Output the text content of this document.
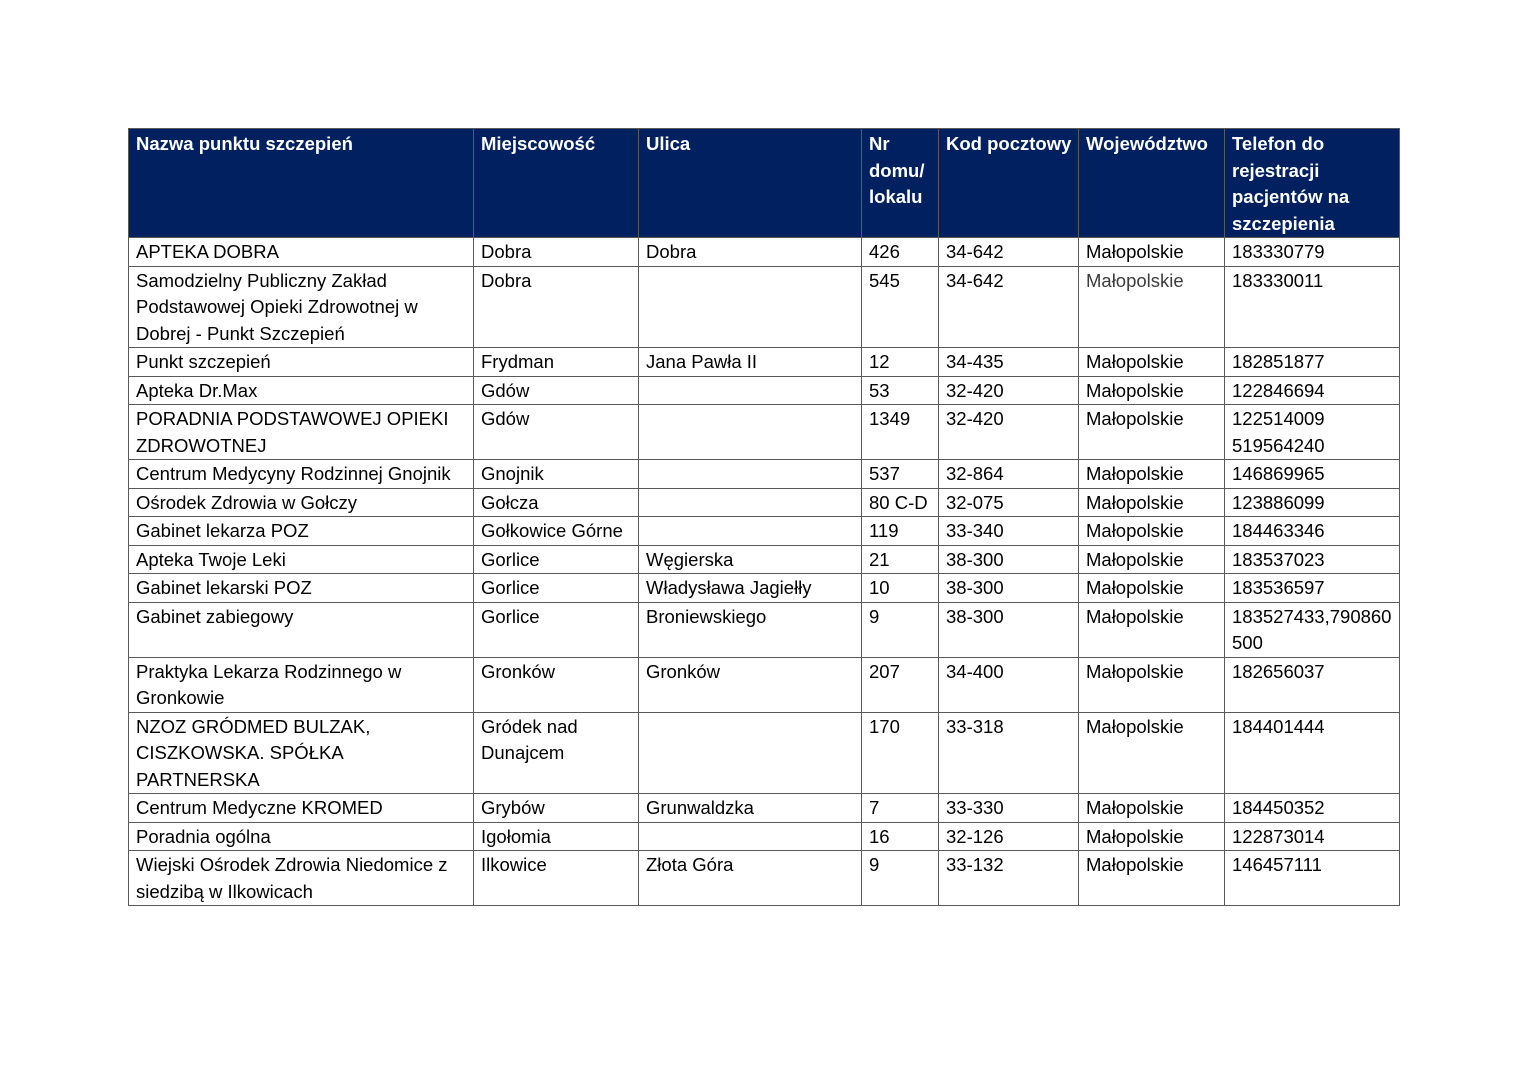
Nazwa punktu szczepień	Miejscowość	Ulica	Nr domu/ lokalu	Kod pocztowy	Województwo	Telefon do rejestracji pacjentów na szczepienia

APTEKA DOBRA	Dobra	Dobra	426	34-642	Małopolskie	183330779

Samodzielny Publiczny Zakład Podstawowej Opieki Zdrowotnej w Dobrej - Punkt Szczepień	Dobra		545	34-642	Małopolskie	183330011

Punkt szczepień	Frydman	Jana Pawła II	12	34-435	Małopolskie	182851877

Apteka Dr.Max	Gdów		53	32-420	Małopolskie	122846694

PORADNIA PODSTAWOWEJ OPIEKI ZDROWOTNEJ	Gdów		1349	32-420	Małopolskie	122514009
519564240

Centrum Medycyny Rodzinnej Gnojnik	Gnojnik		537	32-864	Małopolskie	146869965

Ośrodek Zdrowia w Gołczy	Gołcza		80 C-D	32-075	Małopolskie	123886099

Gabinet lekarza POZ	Gołkowice Górne		119	33-340	Małopolskie	184463346

Apteka Twoje Leki	Gorlice	Węgierska	21	38-300	Małopolskie	183537023

Gabinet lekarski POZ	Gorlice	Władysława Jagiełły	10	38-300	Małopolskie	183536597

Gabinet zabiegowy	Gorlice	Broniewskiego	9	38-300	Małopolskie	183527433,790860500

Praktyka Lekarza Rodzinnego w Gronkowie	Gronków	Gronków	207	34-400	Małopolskie	182656037

NZOZ GRÓDMED BULZAK, CISZKOWSKA. SPÓŁKA PARTNERSKA	Gródek nad Dunajcem		170	33-318	Małopolskie	184401444

Centrum Medyczne KROMED	Grybów	Grunwaldzka	7	33-330	Małopolskie	184450352

Poradnia ogólna	Igołomia		16	32-126	Małopolskie	122873014

Wiejski Ośrodek Zdrowia Niedomice z siedzibą w Ilkowicach	Ilkowice	Złota Góra	9	33-132	Małopolskie	146457111
